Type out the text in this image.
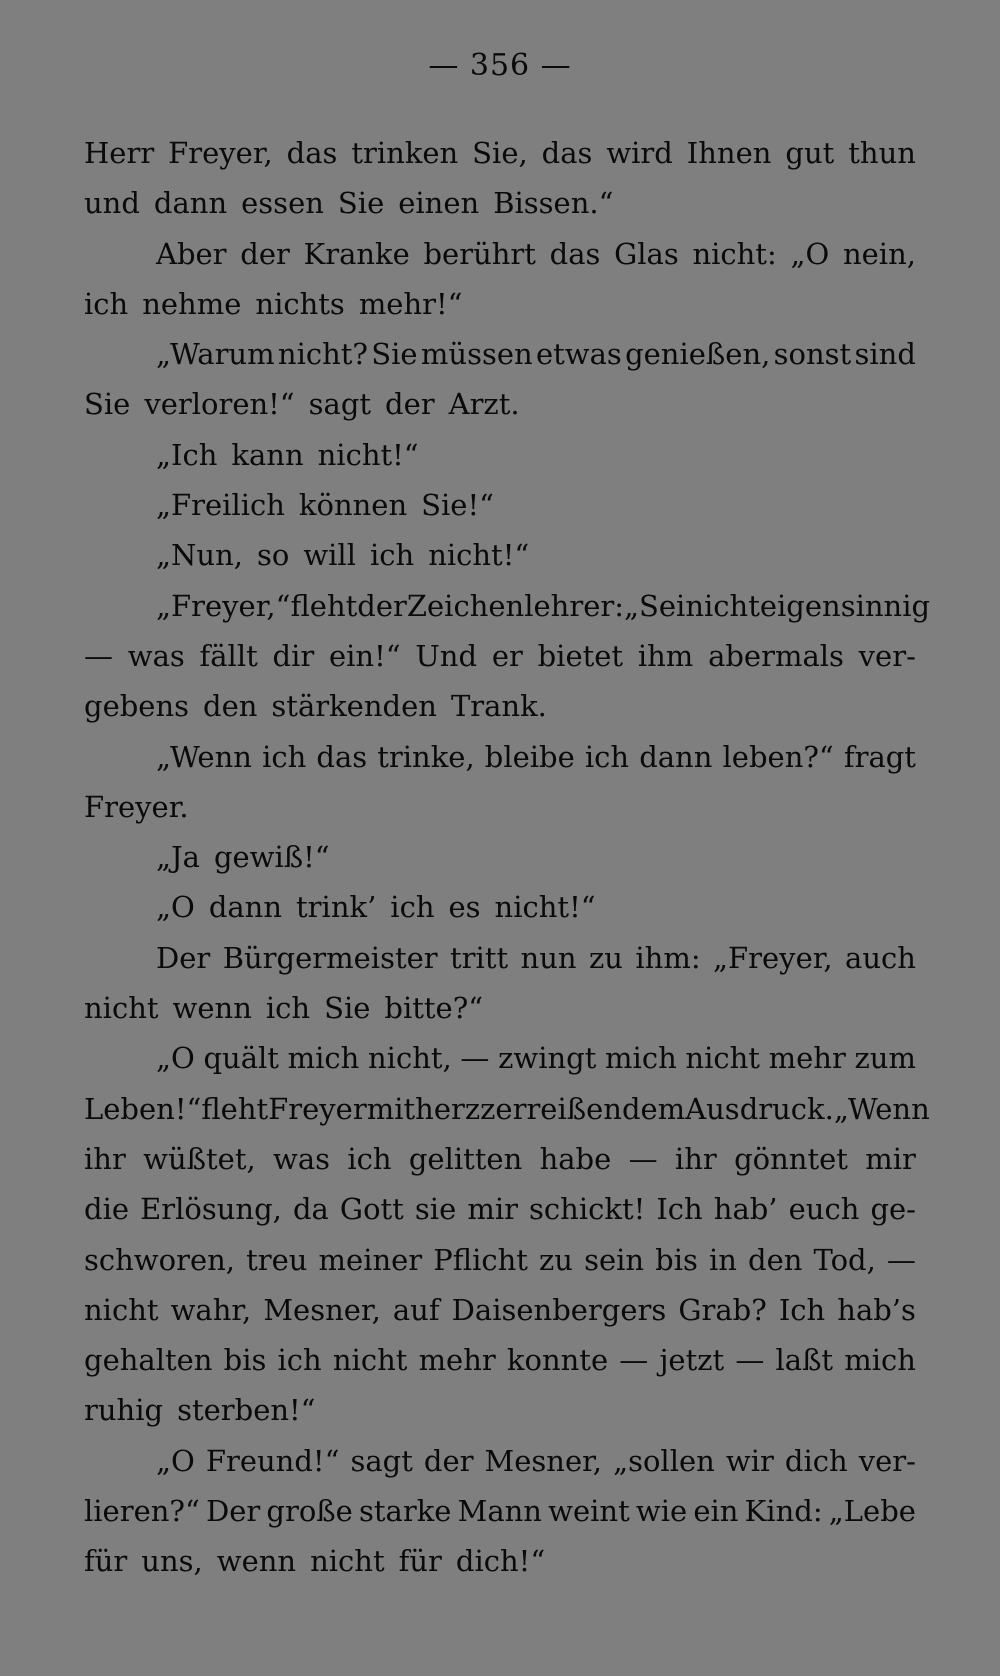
— 356 —
Herr Freyer, das trinken Sie, das wird Ihnen gut thun
und dann essen Sie einen Bissen.“
Aber der Kranke berührt das Glas nicht: „O nein,
ich nehme nichts mehr!“
„Warum nicht? Sie müssen etwas genießen, sonst sind
Sie verloren!“ sagt der Arzt.
„Ich kann nicht!“
„Freilich können Sie!“
„Nun, so will ich nicht!“
„Freyer,“ fleht der Zeichenlehrer: „Sei nicht eigensinnig
— was fällt dir ein!“ Und er bietet ihm abermals ver-
gebens den stärkenden Trank.
„Wenn ich das trinke, bleibe ich dann leben?“ fragt
Freyer.
„Ja gewiß!“
„O dann trink’ ich es nicht!“
Der Bürgermeister tritt nun zu ihm: „Freyer, auch
nicht wenn ich Sie bitte?“
„O quält mich nicht, — zwingt mich nicht mehr zum
Leben!“ fleht Freyer mit herzzerreißendem Ausdruck. „Wenn
ihr wüßtet, was ich gelitten habe — ihr gönntet mir
die Erlösung, da Gott sie mir schickt! Ich hab’ euch ge-
schworen, treu meiner Pflicht zu sein bis in den Tod, —
nicht wahr, Mesner, auf Daisenbergers Grab? Ich hab’s
gehalten bis ich nicht mehr konnte — jetzt — laßt mich
ruhig sterben!“
„O Freund!“ sagt der Mesner, „sollen wir dich ver-
lieren?“ Der große starke Mann weint wie ein Kind: „Lebe
für uns, wenn nicht für dich!“
